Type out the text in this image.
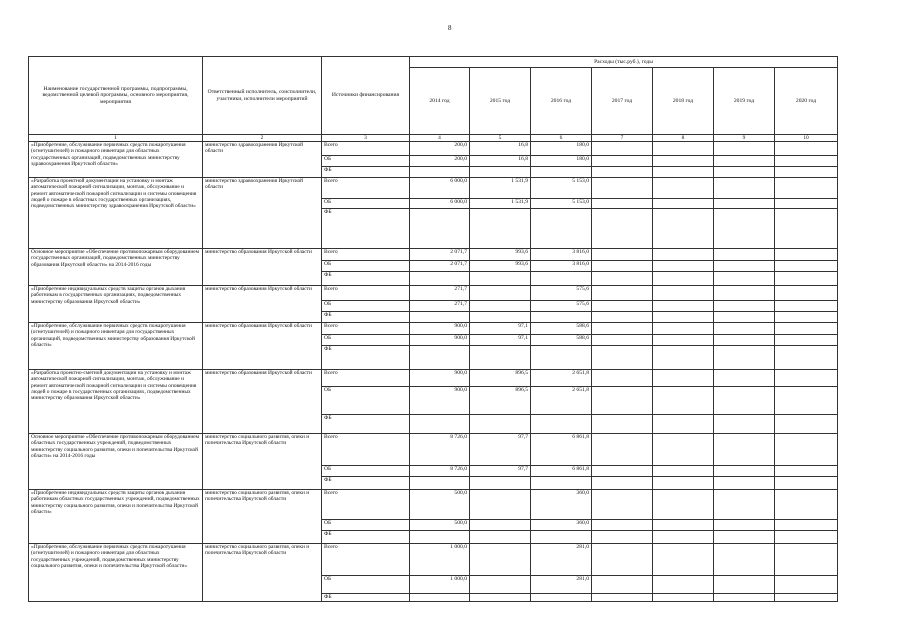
8
Наименование государственной программы, подпрограммы, ведомственной целевой программы, основного мероприятия, мероприятия	Ответственный исполнитель, соисполнители, участники, исполнители мероприятий	Источники финансирования	Расходы (тыс.руб.), годы						
			2014 год	2015 год	2016 год	2017 год	2018 год	2019 год	2020 год
1	2	3	4	5	6	7	8	9	10
«Приобретение, обслуживание первичных средств пожаротушения (огнетушителей) и пожарного инвентаря для областных государственных организаций, подведомственных министерству здравоохранения Иркутской области»	министерство здравоохранения Иркутской области	Всего	200,0	16,8	180,0				
		ОБ	200,0	16,8	180,0				
		ФБ							
«Разработка проектной документации на установку и монтаж автоматической пожарной сигнализации, монтаж, обслуживание и ремонт автоматической пожарной сигнализации и системы оповещения людей о пожаре в областных государственных организациях, подведомственных министерству здравоохранения Иркутской области»	министерство здравоохранения Иркутской области	Всего	6 000,0	1 531,9	5 153,0				
		ОБ	6 000,0	1 531,9	5 153,0				
		ФБ							
Основное мероприятие «Обеспечение противопожарным оборудованием государственных организаций, подведомственных министерству образования Иркутской области» на 2014-2016 годы	министерство образования Иркутской области	Всего	2 071,7	993,6	3 816,0				
		ОБ	2 071,7	993,6	3 816,0				
		ФБ							
«Приобретение индивидуальных средств защиты органов дыхания работникам в государственных организациях, подведомственных министерству образования Иркутской области»	министерство образования Иркутской области	Всего	271,7		575,6				
		ОБ	271,7		575,6				
		ФБ							
«Приобретение, обслуживание первичных средств пожаротушения (огнетушителей) и пожарного инвентаря для государственных организаций, подведомственных министерству образования Иркутской области»	министерство образования Иркутской области	Всего	900,0	97,1	588,6				
		ОБ	900,0	97,1	588,6				
		ФБ							
«Разработка проектно-сметной документации на установку и монтаж автоматической пожарной сигнализации, монтаж, обслуживание и ремонт автоматической пожарной сигнализации и системы оповещения людей о пожаре в государственных организациях, подведомственных министерству образования Иркутской области»	министерство образования Иркутской области	Всего	900,0	896,5	2 651,8				
		ОБ	900,0	896,5	2 651,8				
		ФБ							
Основное мероприятие «Обеспечение противопожарным оборудованием областных государственных учреждений, подведомственных министерству социального развития, опеки и попечительства Иркутской области» на 2014-2016 годы	министерство социального развития, опеки и попечительства Иркутской области	Всего	8 726,0	97,7	6 861,8				
		ОБ	8 726,0	97,7	6 861,8				
		ФБ							
«Приобретение индивидуальных средств защиты органов дыхания работникам областных государственных учреждений, подведомственных министерству социального развития, опеки и попечительства Иркутской области»	министерство социального развития, опеки и попечительства Иркутской области	Всего	500,0		360,0				
		ОБ	500,0		360,0				
		ФБ							
«Приобретение, обслуживание первичных средств пожаротушения (огнетушителей) и пожарного инвентаря для областных государственных учреждений, подведомственных министерству социального развития, опеки и попечительства Иркутской области»	министерство социального развития, опеки и попечительства Иркутской области	Всего	1 000,0		281,0				
		ОБ	1 000,0		281,0				
		ФБ							
